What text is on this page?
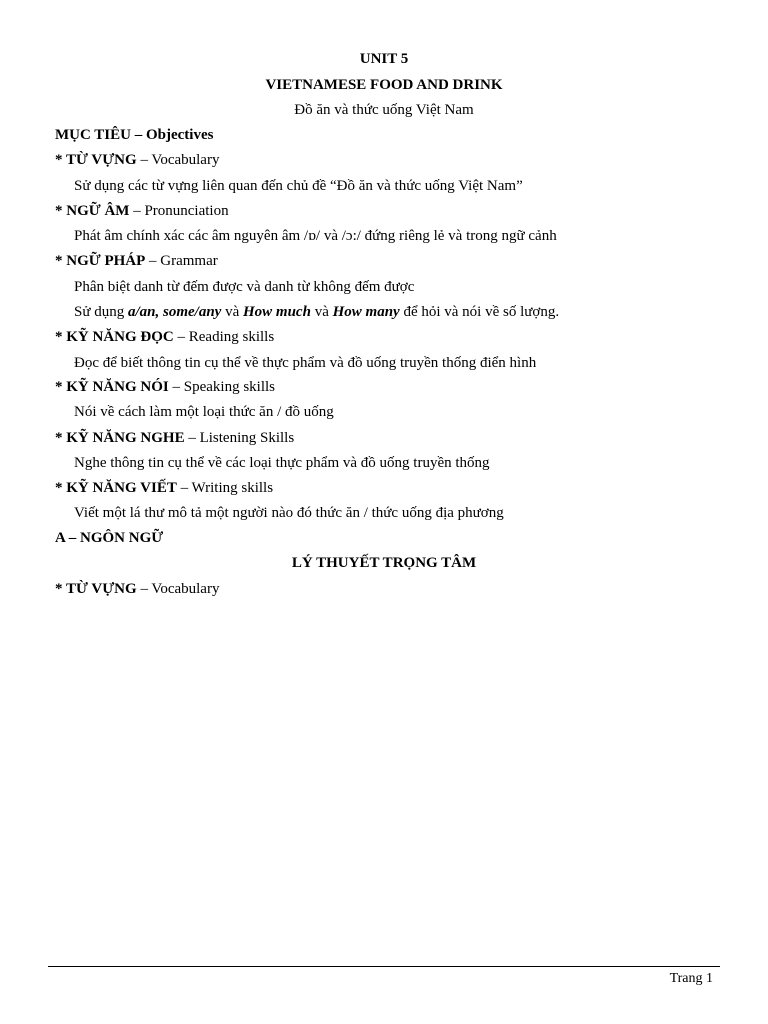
UNIT 5
VIETNAMESE FOOD AND DRINK
Đồ ăn và thức uống Việt Nam
MỤC TIÊU – Objectives
* TỪ VỰNG – Vocabulary
Sử dụng các từ vựng liên quan đến chủ đề “Đồ ăn và thức uống Việt Nam”
* NGỮ ÂM – Pronunciation
Phát âm chính xác các âm nguyên âm /ɒ/ và /ɔ:/ đứng riêng lẻ và trong ngữ cảnh
* NGỮ PHÁP – Grammar
Phân biệt danh từ đếm được và danh từ không đếm được
Sử dụng a/an, some/any và How much và How many để hỏi và nói về số lượng.
* KỸ NĂNG ĐỌC – Reading skills
Đọc để biết thông tin cụ thể về thực phẩm và đồ uống truyền thống điển hình
* KỸ NĂNG NÓI – Speaking skills
Nói về cách làm một loại thức ăn / đồ uống
* KỸ NĂNG NGHE – Listening Skills
Nghe thông tin cụ thể về các loại thực phẩm và đồ uống truyền thống
* KỸ NĂNG VIẾT – Writing skills
Viết một lá thư mô tả một người nào đó thức ăn / thức uống địa phương
A – NGÔN NGỮ
LÝ THUYẾT TRỌNG TÂM
* TỪ VỰNG – Vocabulary
Trang 1
